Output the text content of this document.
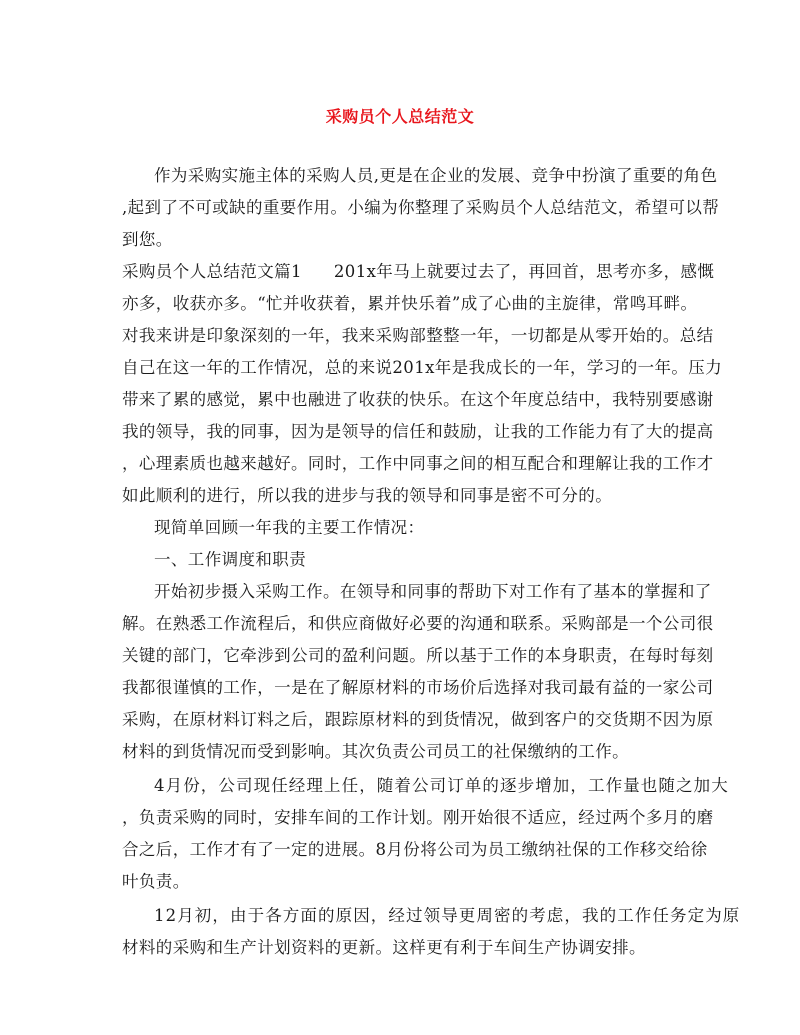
采购员个人总结范文
作为采购实施主体的采购人员,更是在企业的发展、竞争中扮演了重要的角色
,起到了不可或缺的重要作用。小编为你整理了采购员个人总结范文，希望可以帮
到您。
采购员个人总结范文篇1 201x年马上就要过去了，再回首，思考亦多，感慨
亦多，收获亦多。“忙并收获着，累并快乐着”成了心曲的主旋律，常鸣耳畔。
对我来讲是印象深刻的一年，我来采购部整整一年，一切都是从零开始的。总结
自己在这一年的工作情况，总的来说201x年是我成长的一年，学习的一年。压力
带来了累的感觉，累中也融进了收获的快乐。在这个年度总结中，我特别要感谢
我的领导，我的同事，因为是领导的信任和鼓励，让我的工作能力有了大的提高
，心理素质也越来越好。同时，工作中同事之间的相互配合和理解让我的工作才
如此顺利的进行，所以我的进步与我的领导和同事是密不可分的。
现简单回顾一年我的主要工作情况：
一、工作调度和职责
开始初步摄入采购工作。在领导和同事的帮助下对工作有了基本的掌握和了
解。在熟悉工作流程后，和供应商做好必要的沟通和联系。采购部是一个公司很
关键的部门，它牵涉到公司的盈利问题。所以基于工作的本身职责，在每时每刻
我都很谨慎的工作，一是在了解原材料的市场价后选择对我司最有益的一家公司
采购，在原材料订料之后，跟踪原材料的到货情况，做到客户的交货期不因为原
材料的到货情况而受到影响。其次负责公司员工的社保缴纳的工作。
4月份，公司现任经理上任，随着公司订单的逐步增加，工作量也随之加大
，负责采购的同时，安排车间的工作计划。刚开始很不适应，经过两个多月的磨
合之后，工作才有了一定的进展。8月份将公司为员工缴纳社保的工作移交给徐
叶负责。
12月初，由于各方面的原因，经过领导更周密的考虑，我的工作任务定为原
材料的采购和生产计划资料的更新。这样更有利于车间生产协调安排。
